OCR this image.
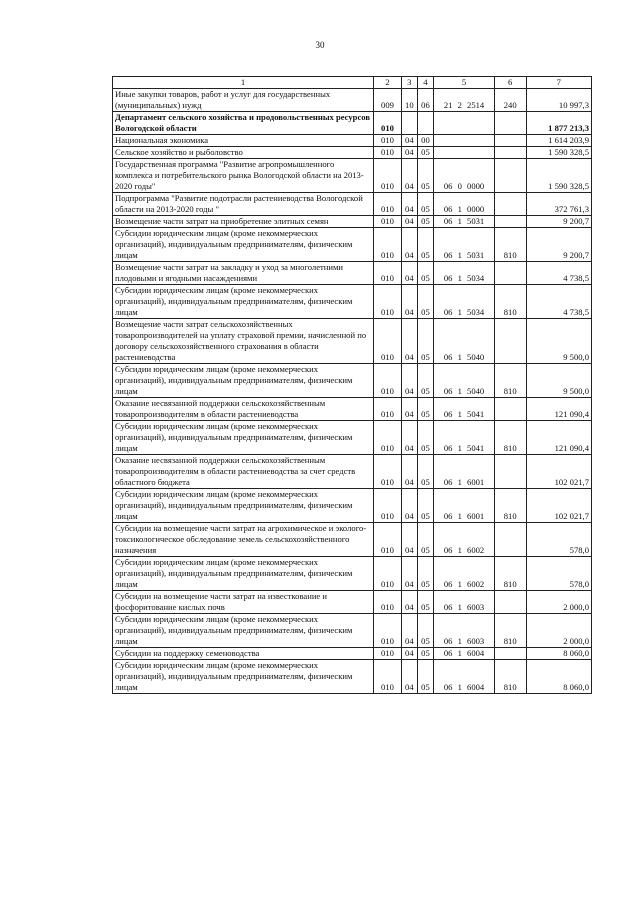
30
1	2	3	4	5	6	7
Иные закупки товаров, работ и услуг для государственных (муниципальных) нужд	009	10	06	21 2 2514	240	10 997,3
Департамент сельского хозяйства и продовольственных ресурсов Вологодской области	010					1 877 213,3
Национальная экономика	010	04	00			1 614 203,9
Сельское хозяйство и рыболовство	010	04	05			1 590 328,5
Государственная программа "Развитие агропромышленного комплекса и потребительского рынка Вологодской области на 2013-2020 годы"	010	04	05	06 0 0000		1 590 328,5
Подпрограмма "Развитие подотрасли растениеводства Вологодской области на 2013-2020 годы "	010	04	05	06 1 0000		372 761,3
Возмещение части затрат на приобретение элитных семян	010	04	05	06 1 5031		9 200,7
Субсидии юридическим лицам (кроме некоммерческих организаций), индивидуальным предпринимателям, физическим лицам	010	04	05	06 1 5031	810	9 200,7
Возмещение части затрат на закладку и уход за многолетними плодовыми и ягодными насаждениями	010	04	05	06 1 5034		4 738,5
Субсидии юридическим лицам (кроме некоммерческих организаций), индивидуальным предпринимателям, физическим лицам	010	04	05	06 1 5034	810	4 738,5
Возмещение части затрат сельскохозяйственных товаропроизводителей на уплату страховой премии, начисленной по договору сельскохозяйственного страхования в области растениеводства	010	04	05	06 1 5040		9 500,0
Субсидии юридическим лицам (кроме некоммерческих организаций), индивидуальным предпринимателям, физическим лицам	010	04	05	06 1 5040	810	9 500,0
Оказание несвязанной поддержки сельскохозяйственным товаропроизводителям в области растениеводства	010	04	05	06 1 5041		121 090,4
Субсидии юридическим лицам (кроме некоммерческих организаций), индивидуальным предпринимателям, физическим лицам	010	04	05	06 1 5041	810	121 090,4
Оказание несвязанной поддержки сельскохозяйственным товаропроизводителям в области растениеводства за счет средств областного бюджета	010	04	05	06 1 6001		102 021,7
Субсидии юридическим лицам (кроме некоммерческих организаций), индивидуальным предпринимателям, физическим лицам	010	04	05	06 1 6001	810	102 021,7
Субсидии на возмещение части затрат на агрохимическое и эколого-токсикологическое обследование земель сельскохозяйственного назначения	010	04	05	06 1 6002		578,0
Субсидии юридическим лицам (кроме некоммерческих организаций), индивидуальным предпринимателям, физическим лицам	010	04	05	06 1 6002	810	578,0
Субсидии на возмещение части затрат на известкование и фосфоритование кислых почв	010	04	05	06 1 6003		2 000,0
Субсидии юридическим лицам (кроме некоммерческих организаций), индивидуальным предпринимателям, физическим лицам	010	04	05	06 1 6003	810	2 000,0
Субсидии на поддержку семеноводства	010	04	05	06 1 6004		8 060,0
Субсидии юридическим лицам (кроме некоммерческих организаций), индивидуальным предпринимателям, физическим лицам	010	04	05	06 1 6004	810	8 060,0
